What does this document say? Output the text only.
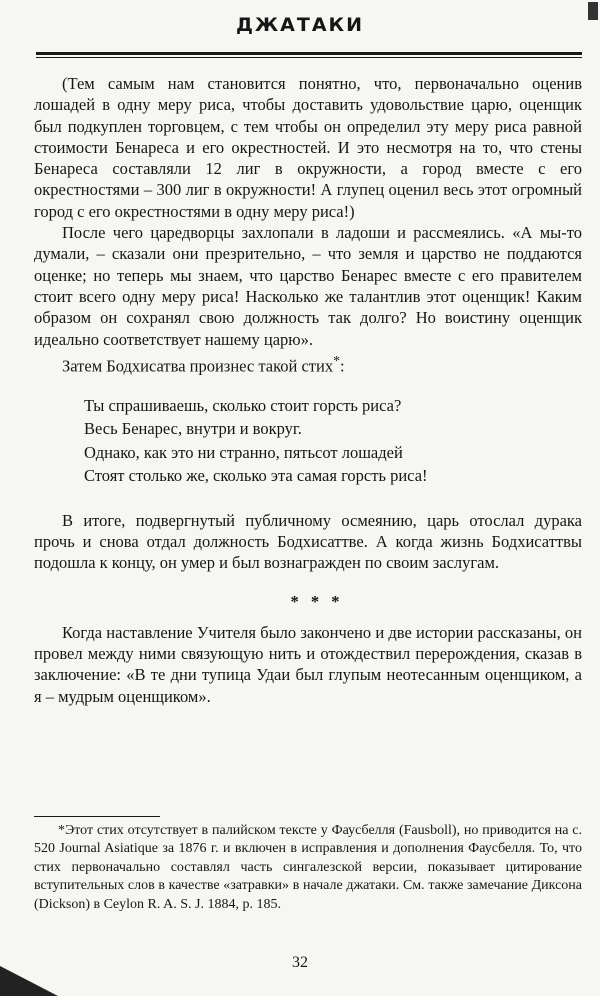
ДЖАТАКИ

(Тем самым нам становится понятно, что, первоначально оценив лошадей в одну меру риса, чтобы доставить удовольствие царю, оценщик был подкуплен торговцем, с тем чтобы он определил эту меру риса равной стоимости Бенареса и его окрестностей. И это несмотря на то, что стены Бенареса составляли 12 лиг в окружности, а город вместе с его окрестностями – 300 лиг в окружности! А глупец оценил весь этот огромный город с его окрестностями в одну меру риса!)

После чего царедворцы захлопали в ладоши и рассмеялись. «А мы-то думали, – сказали они презрительно, – что земля и царство не поддаются оценке; но теперь мы знаем, что царство Бенарес вместе с его правителем стоит всего одну меру риса! Насколько же талантлив этот оценщик! Каким образом он сохранял свою должность так долго? Но воистину оценщик идеально соответствует нашему царю».

Затем Бодхисатва произнес такой стих*:

Ты спрашиваешь, сколько стоит горсть риса?
Весь Бенарес, внутри и вокруг.
Однако, как это ни странно, пятьсот лошадей
Стоят столько же, сколько эта самая горсть риса!

В итоге, подвергнутый публичному осмеянию, царь отослал дурака прочь и снова отдал должность Бодхисаттве. А когда жизнь Бодхисаттвы подошла к концу, он умер и был вознагражден по своим заслугам.

* * *

Когда наставление Учителя было закончено и две истории рассказаны, он провел между ними связующую нить и отождествил перерождения, сказав в заключение: «В те дни тупица Удаи был глупым неотесанным оценщиком, а я – мудрым оценщиком».

*Этот стих отсутствует в палийском тексте у Фаусбелля (Fausboll), но приводится на с. 520 Journal Asiatique за 1876 г. и включен в исправления и дополнения Фаусбелля. То, что стих первоначально составлял часть сингалезской версии, показывает цитирование вступительных слов в качестве «затравки» в начале джатаки. См. также замечание Диксона (Dickson) в Ceylon R. A. S. J. 1884, р. 185.

32
